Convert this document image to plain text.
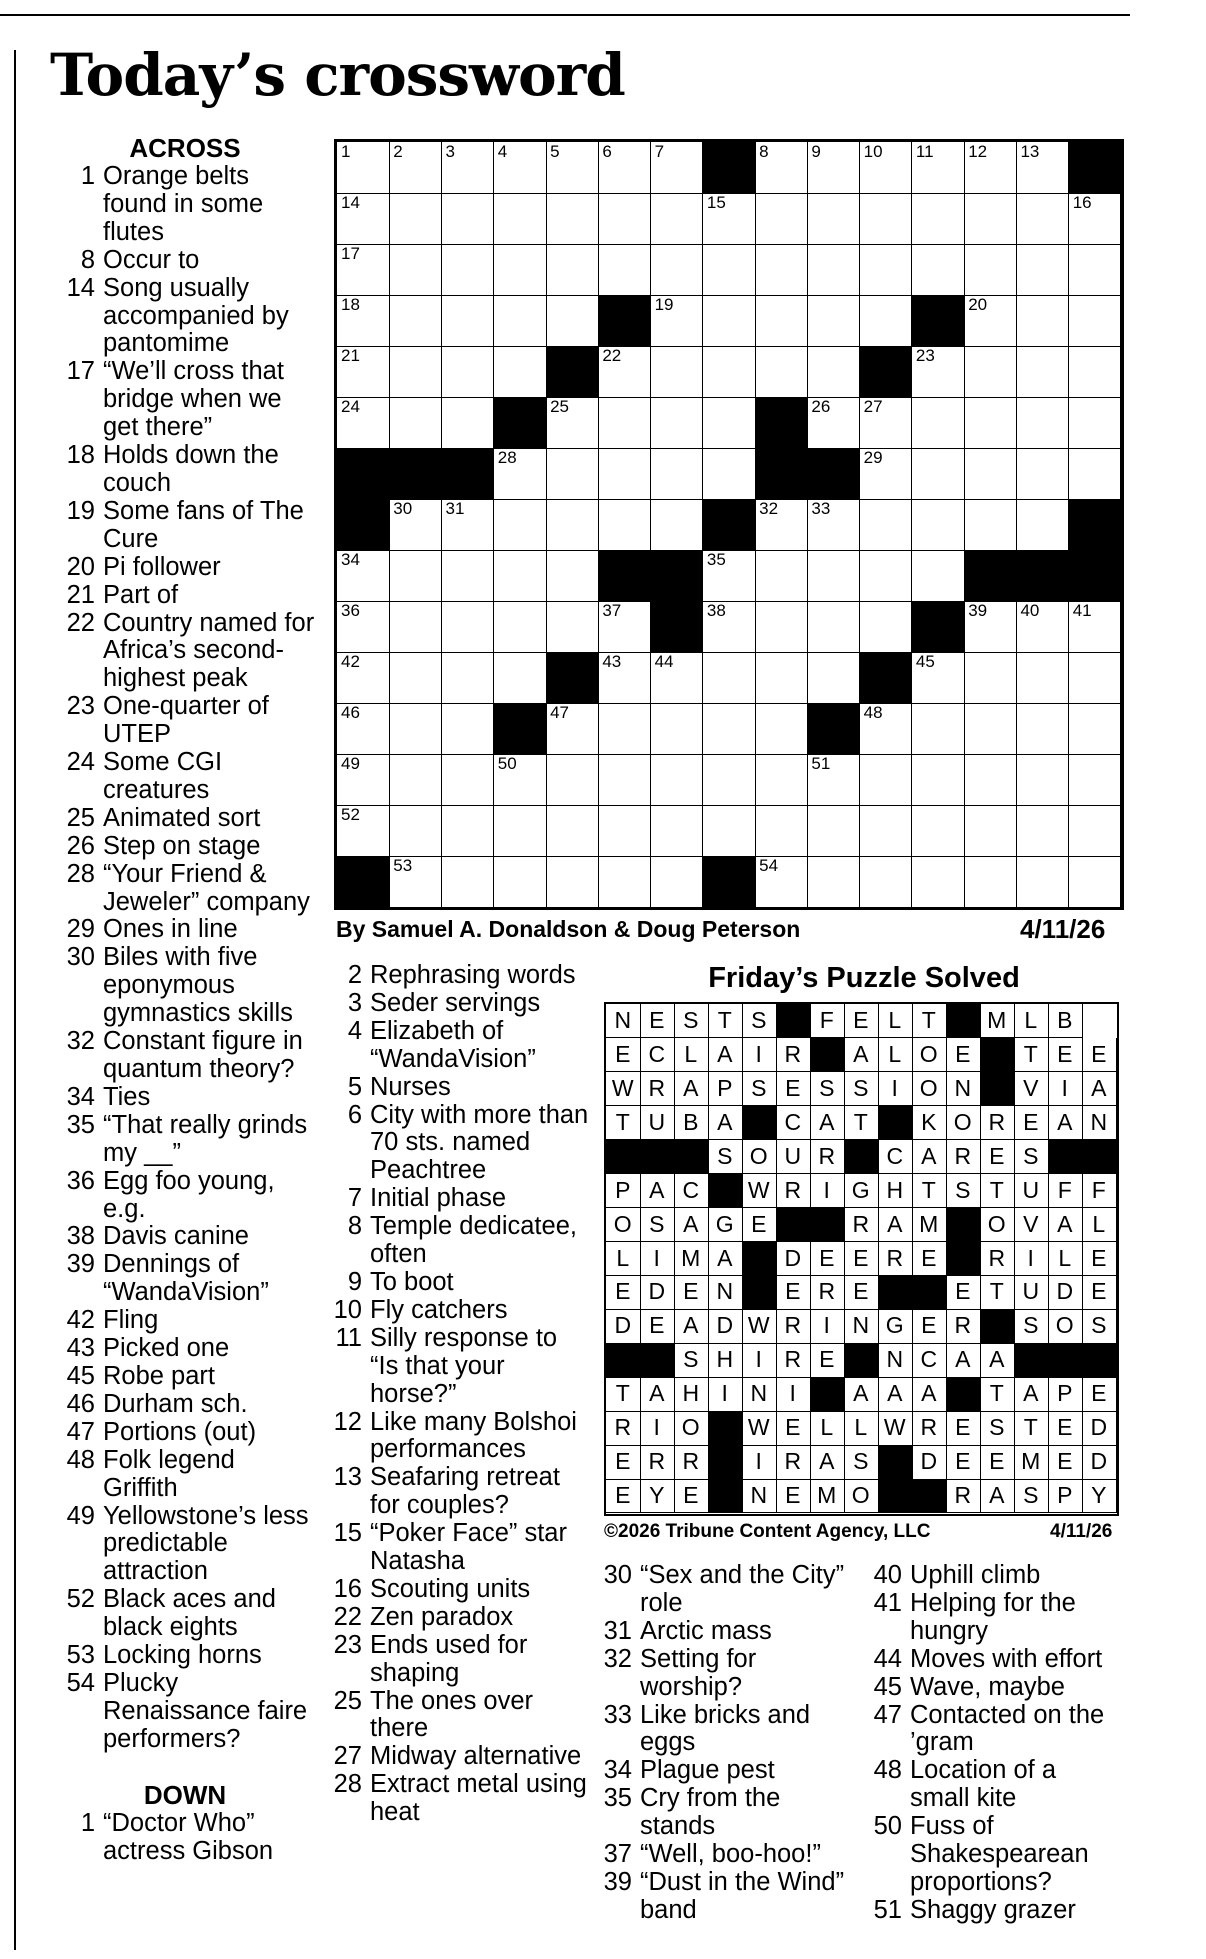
Today’s crossword
ACROSS
1 Orange belts found in some flutes
8 Occur to
14 Song usually accompanied by pantomime
17 “We’ll cross that bridge when we get there”
18 Holds down the couch
19 Some fans of The Cure
20 Pi follower
21 Part of
22 Country named for Africa’s second-highest peak
23 One-quarter of UTEP
24 Some CGI creatures
25 Animated sort
26 Step on stage
28 “Your Friend & Jeweler” company
29 Ones in line
30 Biles with five eponymous gymnastics skills
32 Constant figure in quantum theory?
34 Ties
35 “That really grinds my __”
36 Egg foo young, e.g.
38 Davis canine
39 Dennings of “WandaVision”
42 Fling
43 Picked one
45 Robe part
46 Durham sch.
47 Portions (out)
48 Folk legend Griffith
49 Yellowstone’s less predictable attraction
52 Black aces and black eights
53 Locking horns
54 Plucky Renaissance faire performers?
DOWN
1 “Doctor Who” actress Gibson
1	2	3	4	5	6	7	8	9	10 11 12 13
14	15	16
17
18	19	20
21	22	23
24	25	26 27
28	29
30 31	32 33
34	35
36	37	38	39 40 41
42	43 44	45
46	47	48
49	50	51
52
53	54
By Samuel A. Donaldson & Doug Peterson	4/11/26
2 Rephrasing words
3 Seder servings
4 Elizabeth of “WandaVision”
5 Nurses
6 City with more than 70 sts. named Peachtree
7 Initial phase
8 Temple dedicatee, often
9 To boot
10 Fly catchers
11 Silly response to “Is that your horse?”
12 Like many Bolshoi performances
13 Seafaring retreat for couples?
15 “Poker Face” star Natasha
16 Scouting units
22 Zen paradox
23 Ends used for shaping
25 The ones over there
27 Midway alternative
28 Extract metal using heat
Friday’s Puzzle Solved
N E S T S	F E L T	M L B
E C L A	I R	A L O E	T E E
W R A P S E S S	I O N	V	I	A
T U B A	C A T	K O R E A N
S O U R	C A R E S
P A C	W R I G H T S T U F F
O S A G E	R A M	O V A L
L	I M A	D E E R E	R I	L E
E D E N	E R E	E T U D E
D E A D W R I N G E R	S O S
S H I R E	N C A A
T A H I N I	A A A	T A P E
R I O	W E L L W R E S T E D
E R R	I R A S	D E E M E D
E Y E	N E M O	R A S P Y
©2026 Tribune Content Agency, LLC	4/11/26
30 “Sex and the City” role
31 Arctic mass
32 Setting for worship?
33 Like bricks and eggs
34 Plague pest
35 Cry from the stands
37 “Well, boo-hoo!”
39 “Dust in the Wind” band
40 Uphill climb
41 Helping for the hungry
44 Moves with effort
45 Wave, maybe
47 Contacted on the ’gram
48 Location of a small kite
50 Fuss of Shakespearean proportions?
51 Shaggy grazer
